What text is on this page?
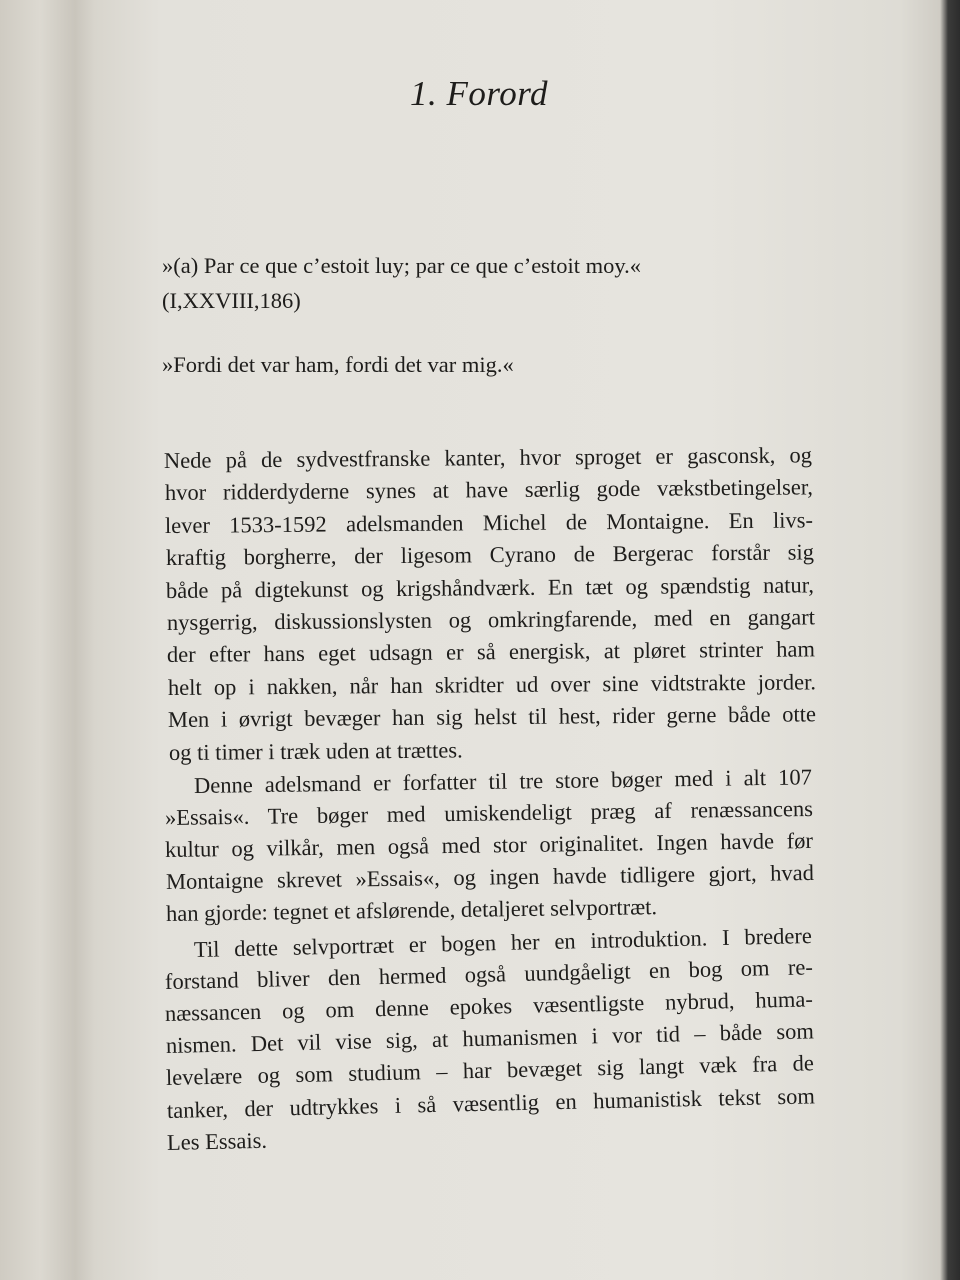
1. Forord
»(a) Par ce que c’estoit luy; par ce que c’estoit moy.«
(I,XXVIII,186)
»Fordi det var ham, fordi det var mig.«
Nede på de sydvestfranske kanter, hvor sproget er gasconsk, og
hvor ridderdyderne synes at have særlig gode vækstbetingelser,
lever 1533-1592 adelsmanden Michel de Montaigne. En livs-
kraftig borgherre, der ligesom Cyrano de Bergerac forstår sig
både på digtekunst og krigshåndværk. En tæt og spændstig natur,
nysgerrig, diskussionslysten og omkringfarende, med en gangart
der efter hans eget udsagn er så energisk, at pløret strinter ham
helt op i nakken, når han skridter ud over sine vidtstrakte jorder.
Men i øvrigt bevæger han sig helst til hest, rider gerne både otte
og ti timer i træk uden at trættes.
Denne adelsmand er forfatter til tre store bøger med i alt 107
»Essais«. Tre bøger med umiskendeligt præg af renæssancens
kultur og vilkår, men også med stor originalitet. Ingen havde før
Montaigne skrevet »Essais«, og ingen havde tidligere gjort, hvad
han gjorde: tegnet et afslørende, detaljeret selvportræt.
Til dette selvportræt er bogen her en introduktion. I bredere
forstand bliver den hermed også uundgåeligt en bog om re-
næssancen og om denne epokes væsentligste nybrud, huma-
nismen. Det vil vise sig, at humanismen i vor tid – både som
levelære og som studium – har bevæget sig langt væk fra de
tanker, der udtrykkes i så væsentlig en humanistisk tekst som
Les Essais.
